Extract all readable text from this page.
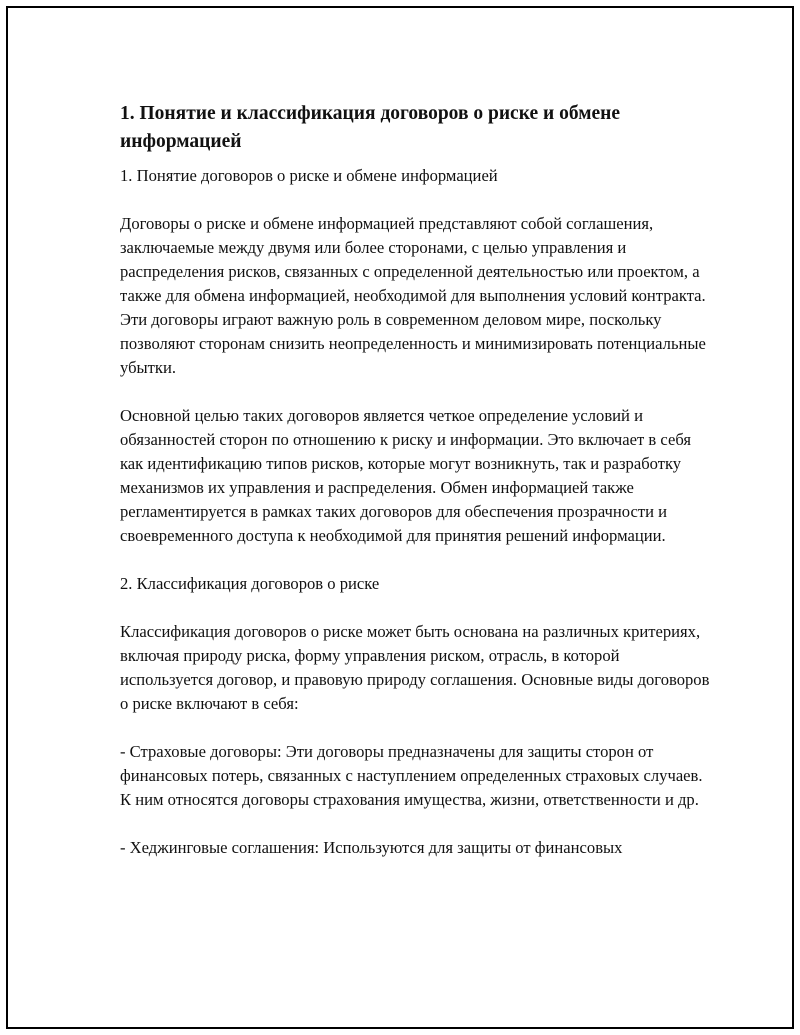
1. Понятие и классификация договоров о риске и обмене информацией
1. Понятие договоров о риске и обмене информацией
Договоры о риске и обмене информацией представляют собой соглашения, заключаемые между двумя или более сторонами, с целью управления и распределения рисков, связанных с определенной деятельностью или проектом, а также для обмена информацией, необходимой для выполнения условий контракта. Эти договоры играют важную роль в современном деловом мире, поскольку позволяют сторонам снизить неопределенность и минимизировать потенциальные убытки.
Основной целью таких договоров является четкое определение условий и обязанностей сторон по отношению к риску и информации. Это включает в себя как идентификацию типов рисков, которые могут возникнуть, так и разработку механизмов их управления и распределения. Обмен информацией также регламентируется в рамках таких договоров для обеспечения прозрачности и своевременного доступа к необходимой для принятия решений информации.
2. Классификация договоров о риске
Классификация договоров о риске может быть основана на различных критериях, включая природу риска, форму управления риском, отрасль, в которой используется договор, и правовую природу соглашения. Основные виды договоров о риске включают в себя:
- Страховые договоры: Эти договоры предназначены для защиты сторон от финансовых потерь, связанных с наступлением определенных страховых случаев. К ним относятся договоры страхования имущества, жизни, ответственности и др.
- Хеджинговые соглашения: Используются для защиты от финансовых
